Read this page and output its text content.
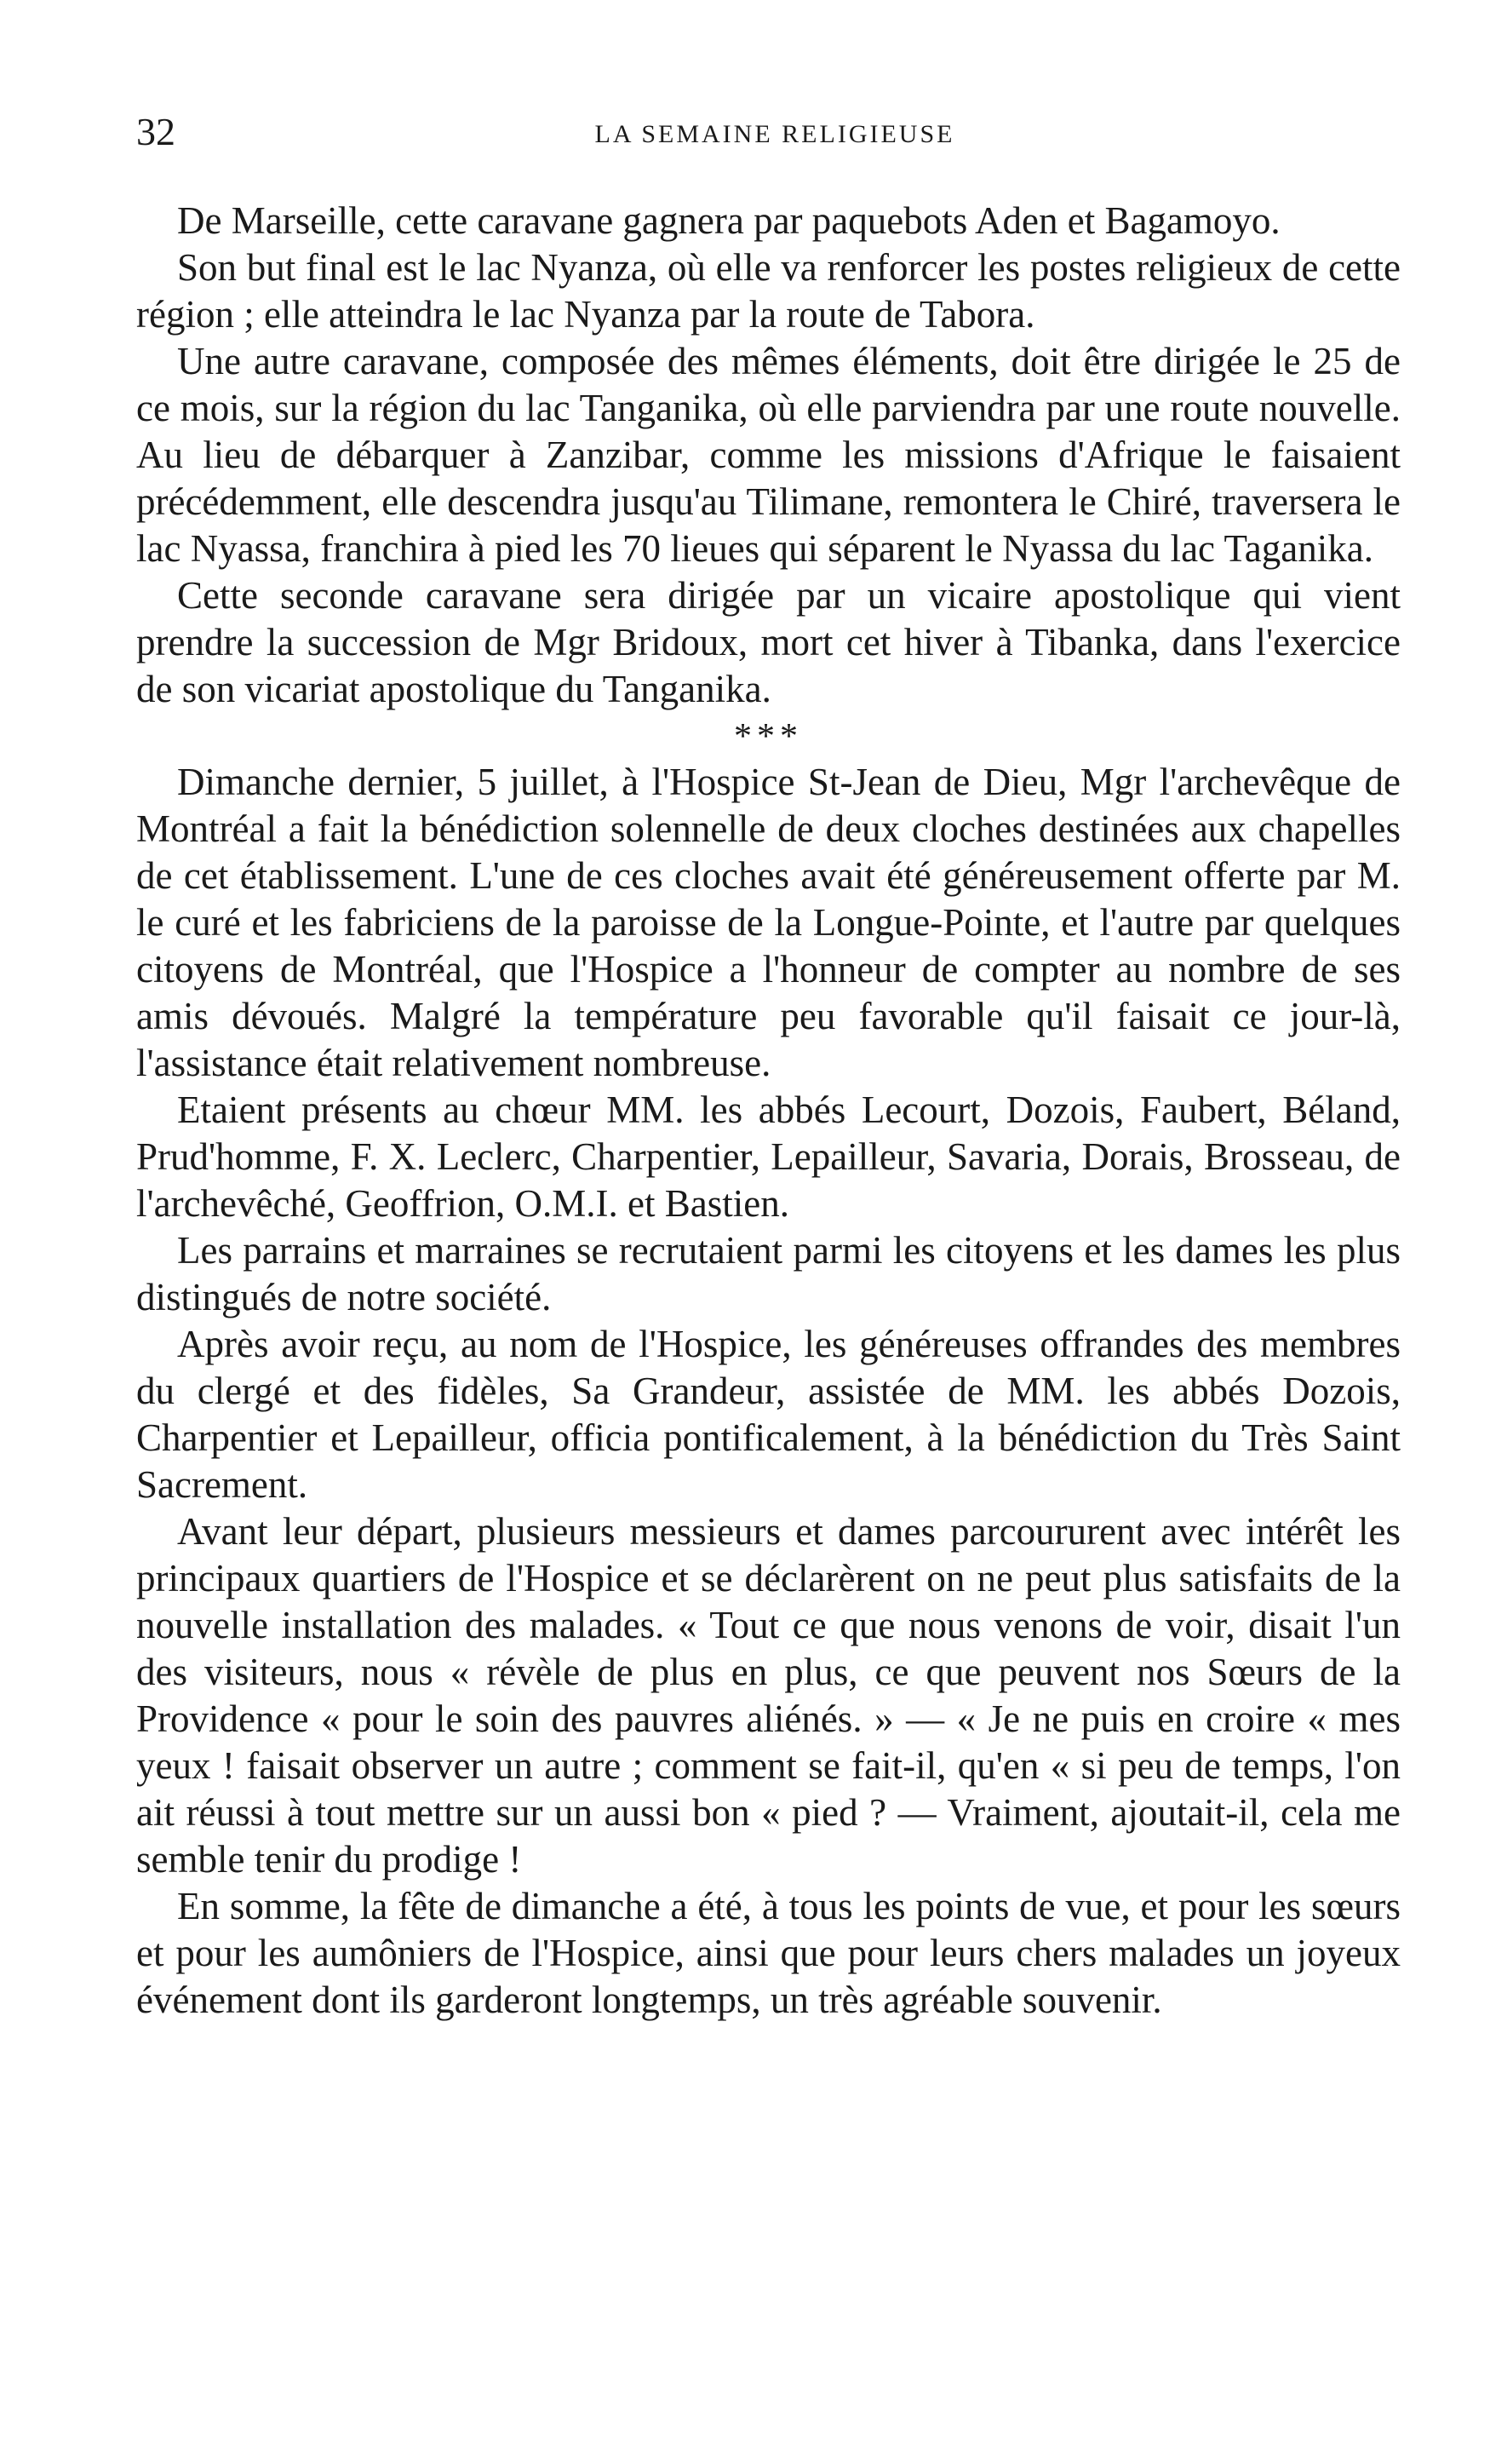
32	LA SEMAINE RELIGIEUSE

De Marseille, cette caravane gagnera par paquebots Aden et Bagamoyo.

Son but final est le lac Nyanza, où elle va renforcer les postes religieux de cette région ; elle atteindra le lac Nyanza par la route de Tabora.

Une autre caravane, composée des mêmes éléments, doit être dirigée le 25 de ce mois, sur la région du lac Tanganika, où elle parviendra par une route nouvelle. Au lieu de débarquer à Zanzibar, comme les missions d'Afrique le faisaient précédemment, elle descendra jusqu'au Tilimane, remontera le Chiré, traversera le lac Nyassa, franchira à pied les 70 lieues qui séparent le Nyassa du lac Taganika.

Cette seconde caravane sera dirigée par un vicaire apostolique qui vient prendre la succession de Mgr Bridoux, mort cet hiver à Tibanka, dans l'exercice de son vicariat apostolique du Tanganika.

***

Dimanche dernier, 5 juillet, à l'Hospice St-Jean de Dieu, Mgr l'archevêque de Montréal a fait la bénédiction solennelle de deux cloches destinées aux chapelles de cet établissement. L'une de ces cloches avait été généreusement offerte par M. le curé et les fabriciens de la paroisse de la Longue-Pointe, et l'autre par quelques citoyens de Montréal, que l'Hospice a l'honneur de compter au nombre de ses amis dévoués. Malgré la température peu favorable qu'il faisait ce jour-là, l'assistance était relativement nombreuse.

Etaient présents au chœur MM. les abbés Lecourt, Dozois, Faubert, Béland, Prud'homme, F. X. Leclerc, Charpentier, Lepailleur, Savaria, Dorais, Brosseau, de l'archevêché, Geoffrion, O.M.I. et Bastien.

Les parrains et marraines se recrutaient parmi les citoyens et les dames les plus distingués de notre société.

Après avoir reçu, au nom de l'Hospice, les généreuses offrandes des membres du clergé et des fidèles, Sa Grandeur, assistée de MM. les abbés Dozois, Charpentier et Lepailleur, officia pontificalement, à la bénédiction du Très Saint Sacrement.

Avant leur départ, plusieurs messieurs et dames parcoururent avec intérêt les principaux quartiers de l'Hospice et se déclarèrent on ne peut plus satisfaits de la nouvelle installation des malades. « Tout ce que nous venons de voir, disait l'un des visiteurs, nous « révèle de plus en plus, ce que peuvent nos Sœurs de la Providence « pour le soin des pauvres aliénés. » — « Je ne puis en croire « mes yeux ! faisait observer un autre ; comment se fait-il, qu'en « si peu de temps, l'on ait réussi à tout mettre sur un aussi bon « pied ? — Vraiment, ajoutait-il, cela me semble tenir du prodige !

En somme, la fête de dimanche a été, à tous les points de vue, et pour les sœurs et pour les aumôniers de l'Hospice, ainsi que pour leurs chers malades un joyeux événement dont ils garderont longtemps, un très agréable souvenir.
